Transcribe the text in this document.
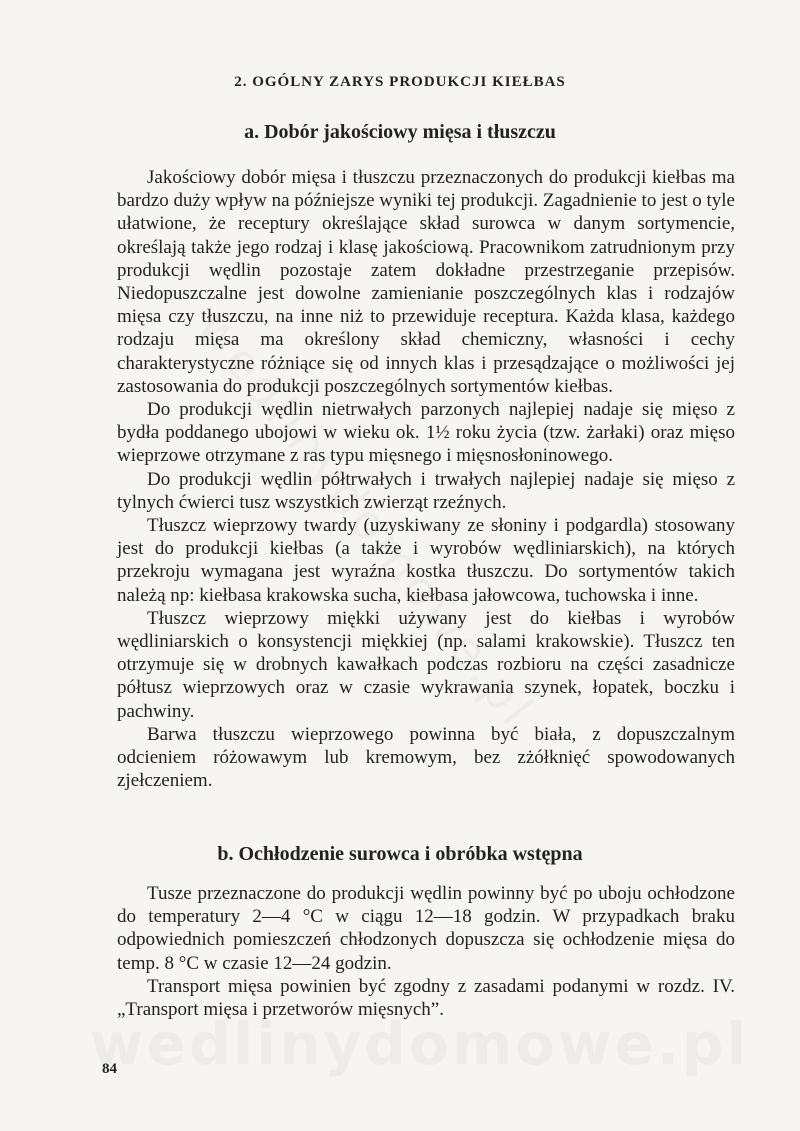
2. OGÓLNY ZARYS PRODUKCJI KIEŁBAS
a. Dobór jakościowy mięsa i tłuszczu

Jakościowy dobór mięsa i tłuszczu przeznaczonych do produkcji kiełbas ma bardzo duży wpływ na późniejsze wyniki tej produkcji. Zagadnienie to jest o tyle ułatwione, że receptury określające skład surowca w danym sortymencie, określają także jego rodzaj i klasę jakościową. Pracownikom zatrudnionym przy produkcji wędlin pozostaje zatem dokładne przestrzeganie przepisów. Niedopuszczalne jest dowolne zamienianie poszczególnych klas i rodzajów mięsa czy tłuszczu, na inne niż to przewiduje receptura. Każda klasa, każdego rodzaju mięsa ma określony skład chemiczny, własności i cechy charakterystyczne różniące się od innych klas i przesądzające o możliwości jej zastosowania do produkcji poszczególnych sortymentów kiełbas.

Do produkcji wędlin nietrwałych parzonych najlepiej nadaje się mięso z bydła poddanego ubojowi w wieku ok. 1½ roku życia (tzw. żarłaki) oraz mięso wieprzowe otrzymane z ras typu mięsnego i mięsnosłoninowego.

Do produkcji wędlin półtrwałych i trwałych najlepiej nadaje się mięso z tylnych ćwierci tusz wszystkich zwierząt rzeźnych.

Tłuszcz wieprzowy twardy (uzyskiwany ze słoniny i podgardla) stosowany jest do produkcji kiełbas (a także i wyrobów wędliniarskich), na których przekroju wymagana jest wyraźna kostka tłuszczu. Do sortymentów takich należą np: kiełbasa krakowska sucha, kiełbasa jałowcowa, tuchowska i inne.

Tłuszcz wieprzowy miękki używany jest do kiełbas i wyrobów wędliniarskich o konsystencji miękkiej (np. salami krakowskie). Tłuszcz ten otrzymuje się w drobnych kawałkach podczas rozbioru na części zasadnicze półtusz wieprzowych oraz w czasie wykrawania szynek, łopatek, boczku i pachwiny.

Barwa tłuszczu wieprzowego powinna być biała, z dopuszczalnym odcieniem różowawym lub kremowym, bez zżółknięć spowodowanych zjełczeniem.

b. Ochłodzenie surowca i obróbka wstępna

Tusze przeznaczone do produkcji wędlin powinny być po uboju ochłodzone do temperatury 2—4 °C w ciągu 12—18 godzin. W przypadkach braku odpowiednich pomieszczeń chłodzonych dopuszcza się ochłodzenie mięsa do temp. 8 °C w czasie 12—24 godzin.

Transport mięsa powinien być zgodny z zasadami podanymi w rozdz. IV. „Transport mięsa i przetworów mięsnych”.

84
